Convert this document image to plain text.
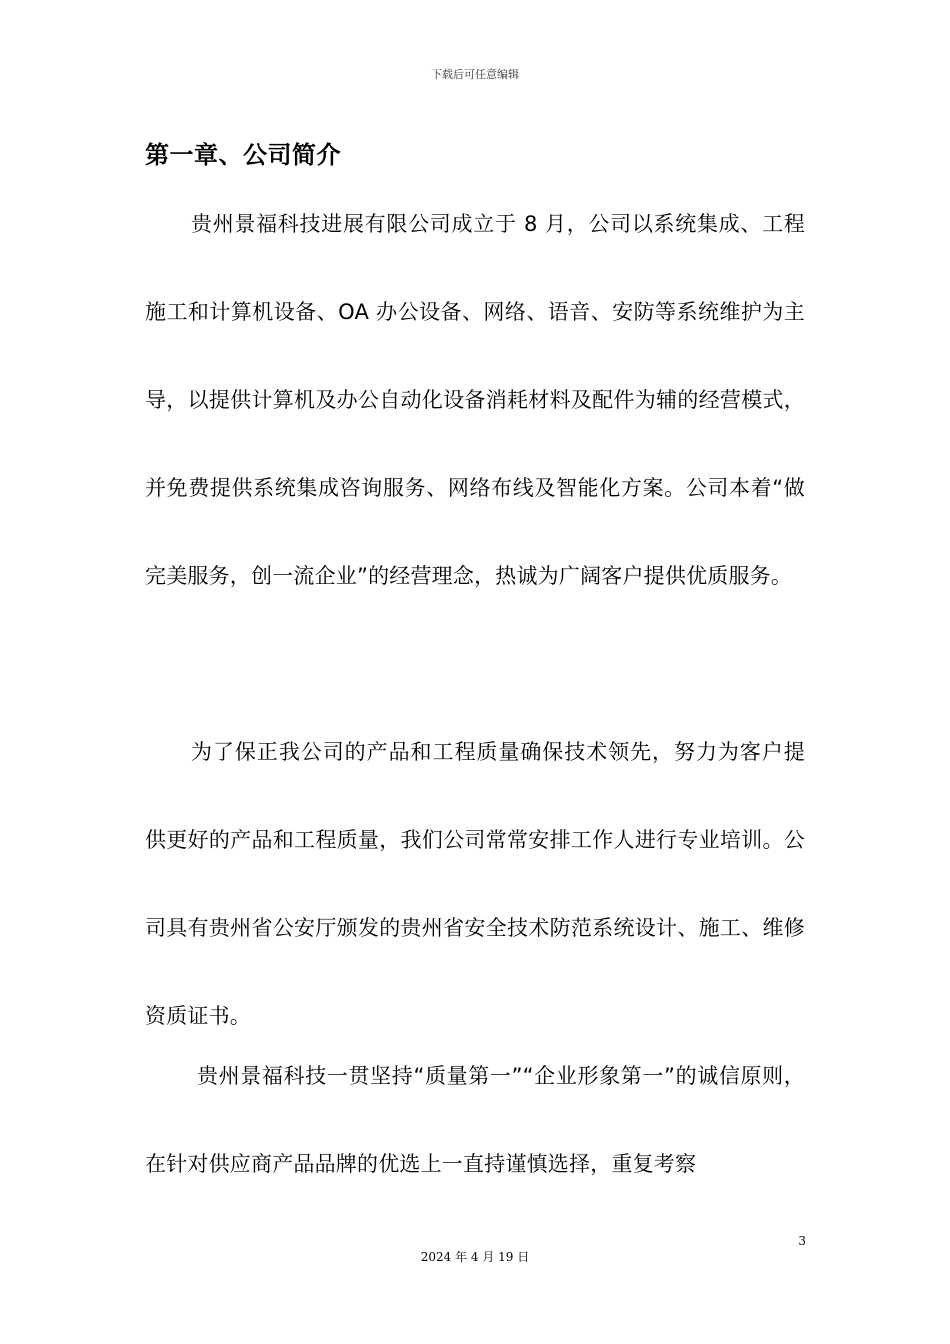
下载后可任意编辑
第一章、公司简介

贵州景福科技进展有限公司成立于 8 月，公司以系统集成、工程施工和计算机设备、OA 办公设备、网络、语音、安防等系统维护为主导，以提供计算机及办公自动化设备消耗材料及配件为辅的经营模式，并免费提供系统集成咨询服务、网络布线及智能化方案。公司本着“做完美服务，创一流企业”的经营理念，热诚为广阔客户提供优质服务。

为了保正我公司的产品和工程质量确保技术领先，努力为客户提供更好的产品和工程质量，我们公司常常安排工作人进行专业培训。公司具有贵州省公安厅颁发的贵州省安全技术防范系统设计、施工、维修资质证书。

贵州景福科技一贯坚持“质量第一”“企业形象第一”的诚信原则，在针对供应商产品品牌的优选上一直持谨慎选择，重复考察

3
2024 年 4 月 19 日
